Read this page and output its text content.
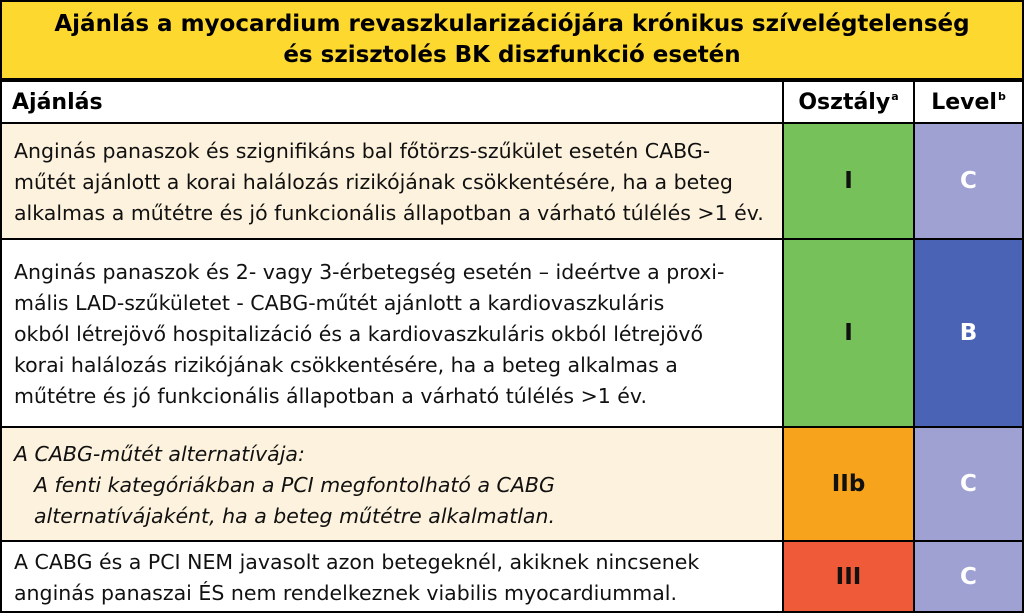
Ajánlás a myocardium revaszkularizációjára krónikus szívelégtelenség
és szisztolés BK diszfunkció esetén
Ajánlás	Osztály$^a$	Level$^b$

Anginás panaszok és szignifikáns bal főtörzs-szűkület esetén CABG-
műtét ajánlott a korai halálozás rizikójának csökkentésére, ha a beteg
alkalmas a műtétre és jó funkcionális állapotban a várható túlélés >1 év.	I	C

Anginás panaszok és 2- vagy 3-érbetegség esetén – ideértve a proxi-
mális LAD-szűkületet - CABG-műtét ajánlott a kardiovaszkuláris
okból létrejövő hospitalizáció és a kardiovaszkuláris okból létrejövő
korai halálozás rizikójának csökkentésére, ha a beteg alkalmas a
műtétre és jó funkcionális állapotban a várható túlélés >1 év.	I	B

A CABG-műtét alternatívája:
A fenti kategóriákban a PCI megfontolható a CABG
alternatívájaként, ha a beteg műtétre alkalmatlan.	IIb	C

A CABG és a PCI NEM javasolt azon betegeknél, akiknek nincsenek
anginás panaszai ÉS nem rendelkeznek viabilis myocardiummal.	III	C
